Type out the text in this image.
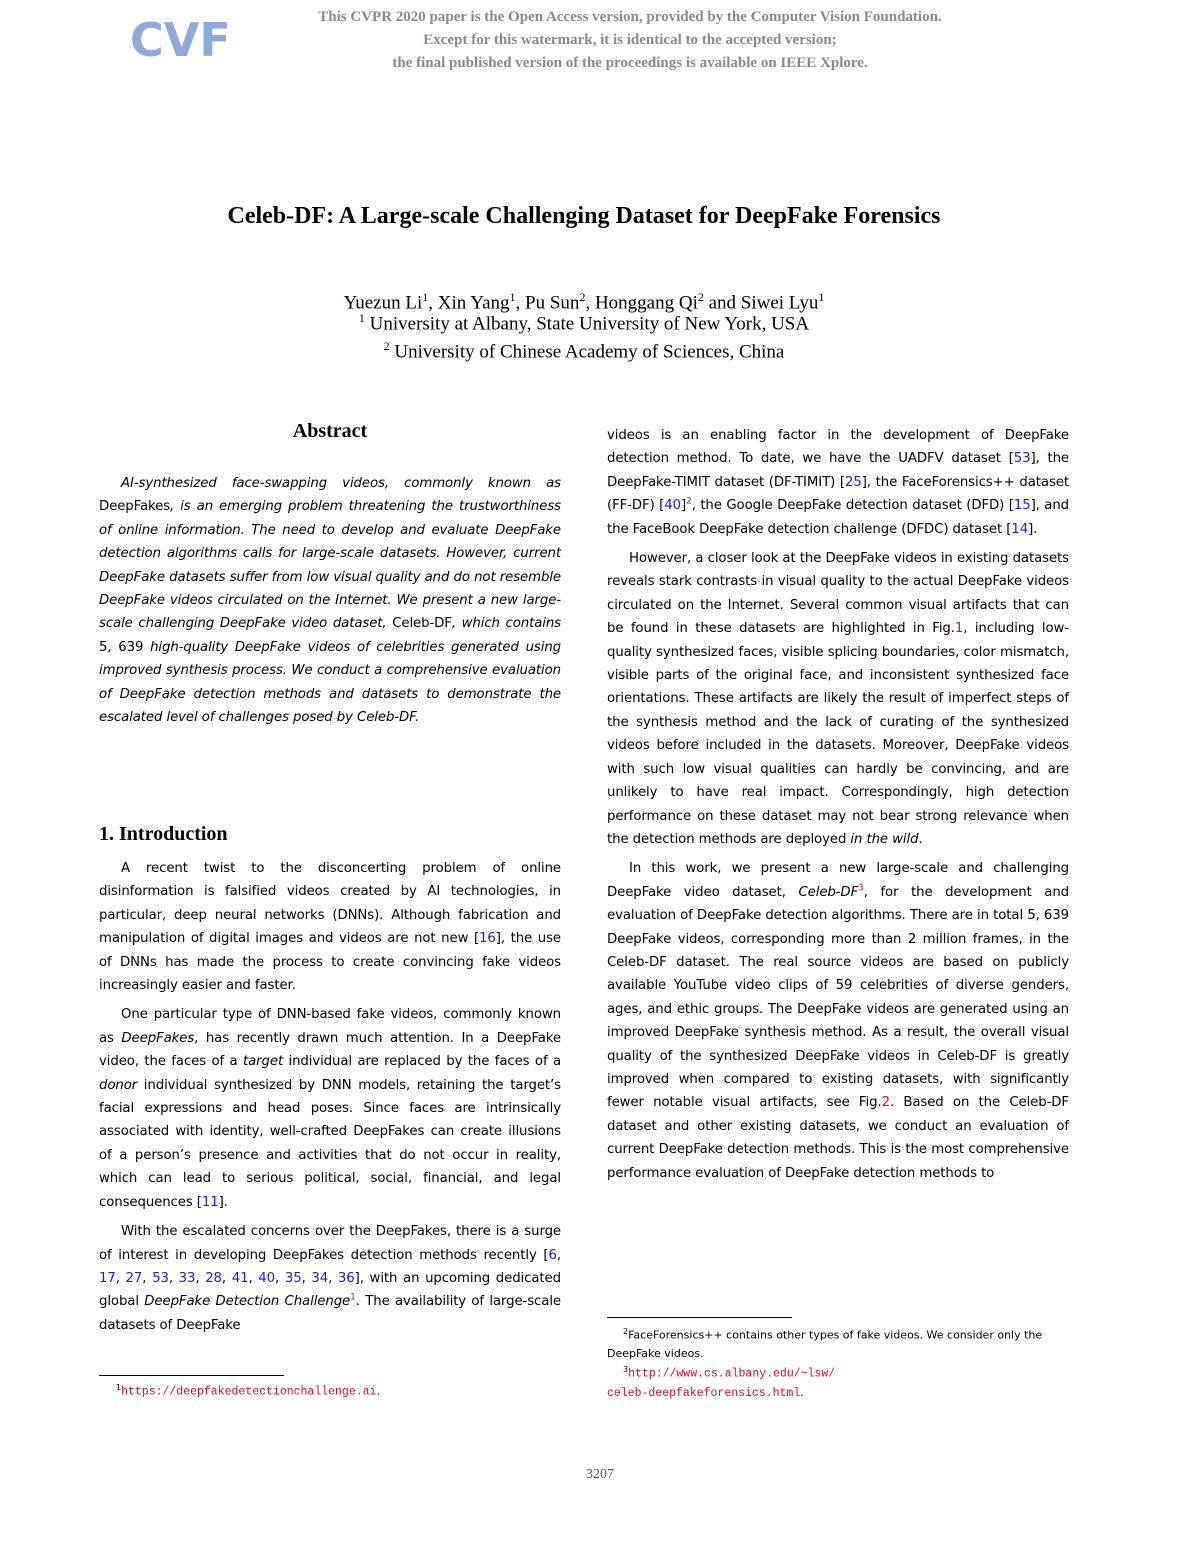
CVF	This CVPR 2020 paper is the Open Access version, provided by the Computer Vision Foundation.
Except for this watermark, it is identical to the accepted version;
the final published version of the proceedings is available on IEEE Xplore.
Celeb-DF: A Large-scale Challenging Dataset for DeepFake Forensics
Yuezun Li$^1$, Xin Yang$^1$, Pu Sun$^2$, Honggang Qi$^2$ and Siwei Lyu$^1$
$^1$ University at Albany, State University of New York, USA
$^2$ University of Chinese Academy of Sciences, China
Abstract

AI-synthesized face-swapping videos, commonly known as DeepFakes, is an emerging problem threatening the trustworthiness of online information. The need to develop and evaluate DeepFake detection algorithms calls for large-scale datasets. However, current DeepFake datasets suffer from low visual quality and do not resemble DeepFake videos circulated on the Internet. We present a new large-scale challenging DeepFake video dataset, Celeb-DF, which contains 5, 639 high-quality DeepFake videos of celebrities generated using improved synthesis process. We conduct a comprehensive evaluation of DeepFake detection methods and datasets to demonstrate the escalated level of challenges posed by Celeb-DF.

1. Introduction

A recent twist to the disconcerting problem of online disinformation is falsified videos created by AI technologies, in particular, deep neural networks (DNNs). Although fabrication and manipulation of digital images and videos are not new [16], the use of DNNs has made the process to create convincing fake videos increasingly easier and faster.

One particular type of DNN-based fake videos, commonly known as DeepFakes, has recently drawn much attention. In a DeepFake video, the faces of a target individual are replaced by the faces of a donor individual synthesized by DNN models, retaining the target’s facial expressions and head poses. Since faces are intrinsically associated with identity, well-crafted DeepFakes can create illusions of a person’s presence and activities that do not occur in reality, which can lead to serious political, social, financial, and legal consequences [11].

With the escalated concerns over the DeepFakes, there is a surge of interest in developing DeepFakes detection methods recently [6, 17, 27, 53, 33, 28, 41, 40, 35, 34, 36], with an upcoming dedicated global DeepFake Detection Challenge$^1$. The availability of large-scale datasets of DeepFake

videos is an enabling factor in the development of DeepFake detection method. To date, we have the UADFV dataset [53], the DeepFake-TIMIT dataset (DF-TIMIT) [25], the FaceForensics++ dataset (FF-DF) [40]$^2$, the Google DeepFake detection dataset (DFD) [15], and the FaceBook DeepFake detection challenge (DFDC) dataset [14].

However, a closer look at the DeepFake videos in existing datasets reveals stark contrasts in visual quality to the actual DeepFake videos circulated on the Internet. Several common visual artifacts that can be found in these datasets are highlighted in Fig.1, including low-quality synthesized faces, visible splicing boundaries, color mismatch, visible parts of the original face, and inconsistent synthesized face orientations. These artifacts are likely the result of imperfect steps of the synthesis method and the lack of curating of the synthesized videos before included in the datasets. Moreover, DeepFake videos with such low visual qualities can hardly be convincing, and are unlikely to have real impact. Correspondingly, high detection performance on these dataset may not bear strong relevance when the detection methods are deployed in the wild.

In this work, we present a new large-scale and challenging DeepFake video dataset, Celeb-DF$^3$, for the development and evaluation of DeepFake detection algorithms. There are in total 5, 639 DeepFake videos, corresponding more than 2 million frames, in the Celeb-DF dataset. The real source videos are based on publicly available YouTube video clips of 59 celebrities of diverse genders, ages, and ethic groups. The DeepFake videos are generated using an improved DeepFake synthesis method. As a result, the overall visual quality of the synthesized DeepFake videos in Celeb-DF is greatly improved when compared to existing datasets, with significantly fewer notable visual artifacts, see Fig.2. Based on the Celeb-DF dataset and other existing datasets, we conduct an evaluation of current DeepFake detection methods. This is the most comprehensive performance evaluation of DeepFake detection methods to

$^1$https://deepfakedetectionchallenge.ai.
$^2$FaceForensics++ contains other types of fake videos. We consider only the DeepFake videos.
$^3$http://www.cs.albany.edu/~lsw/
celeb-deepfakeforensics.html.
3207
